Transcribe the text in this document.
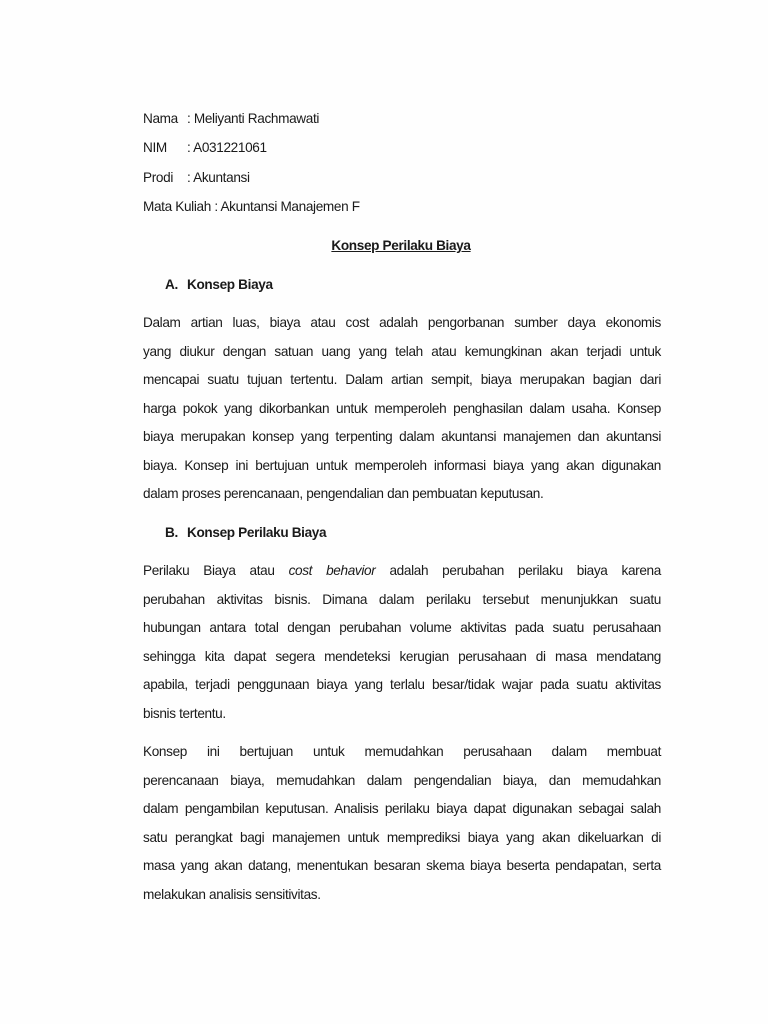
Nama : Meliyanti Rachmawati
NIM : A031221061
Prodi : Akuntansi
Mata Kuliah : Akuntansi Manajemen F
Konsep Perilaku Biaya
A. Konsep Biaya
Dalam artian luas, biaya atau cost adalah pengorbanan sumber daya ekonomis
yang diukur dengan satuan uang yang telah atau kemungkinan akan terjadi untuk
mencapai suatu tujuan tertentu. Dalam artian sempit, biaya merupakan bagian dari
harga pokok yang dikorbankan untuk memperoleh penghasilan dalam usaha. Konsep
biaya merupakan konsep yang terpenting dalam akuntansi manajemen dan akuntansi
biaya. Konsep ini bertujuan untuk memperoleh informasi biaya yang akan digunakan
dalam proses perencanaan, pengendalian dan pembuatan keputusan.
B. Konsep Perilaku Biaya
Perilaku Biaya atau cost behavior adalah perubahan perilaku biaya karena
perubahan aktivitas bisnis. Dimana dalam perilaku tersebut menunjukkan suatu
hubungan antara total dengan perubahan volume aktivitas pada suatu perusahaan
sehingga kita dapat segera mendeteksi kerugian perusahaan di masa mendatang
apabila, terjadi penggunaan biaya yang terlalu besar/tidak wajar pada suatu aktivitas
bisnis tertentu.
Konsep ini bertujuan untuk memudahkan perusahaan dalam membuat
perencanaan biaya, memudahkan dalam pengendalian biaya, dan memudahkan
dalam pengambilan keputusan. Analisis perilaku biaya dapat digunakan sebagai salah
satu perangkat bagi manajemen untuk memprediksi biaya yang akan dikeluarkan di
masa yang akan datang, menentukan besaran skema biaya beserta pendapatan, serta
melakukan analisis sensitivitas.
